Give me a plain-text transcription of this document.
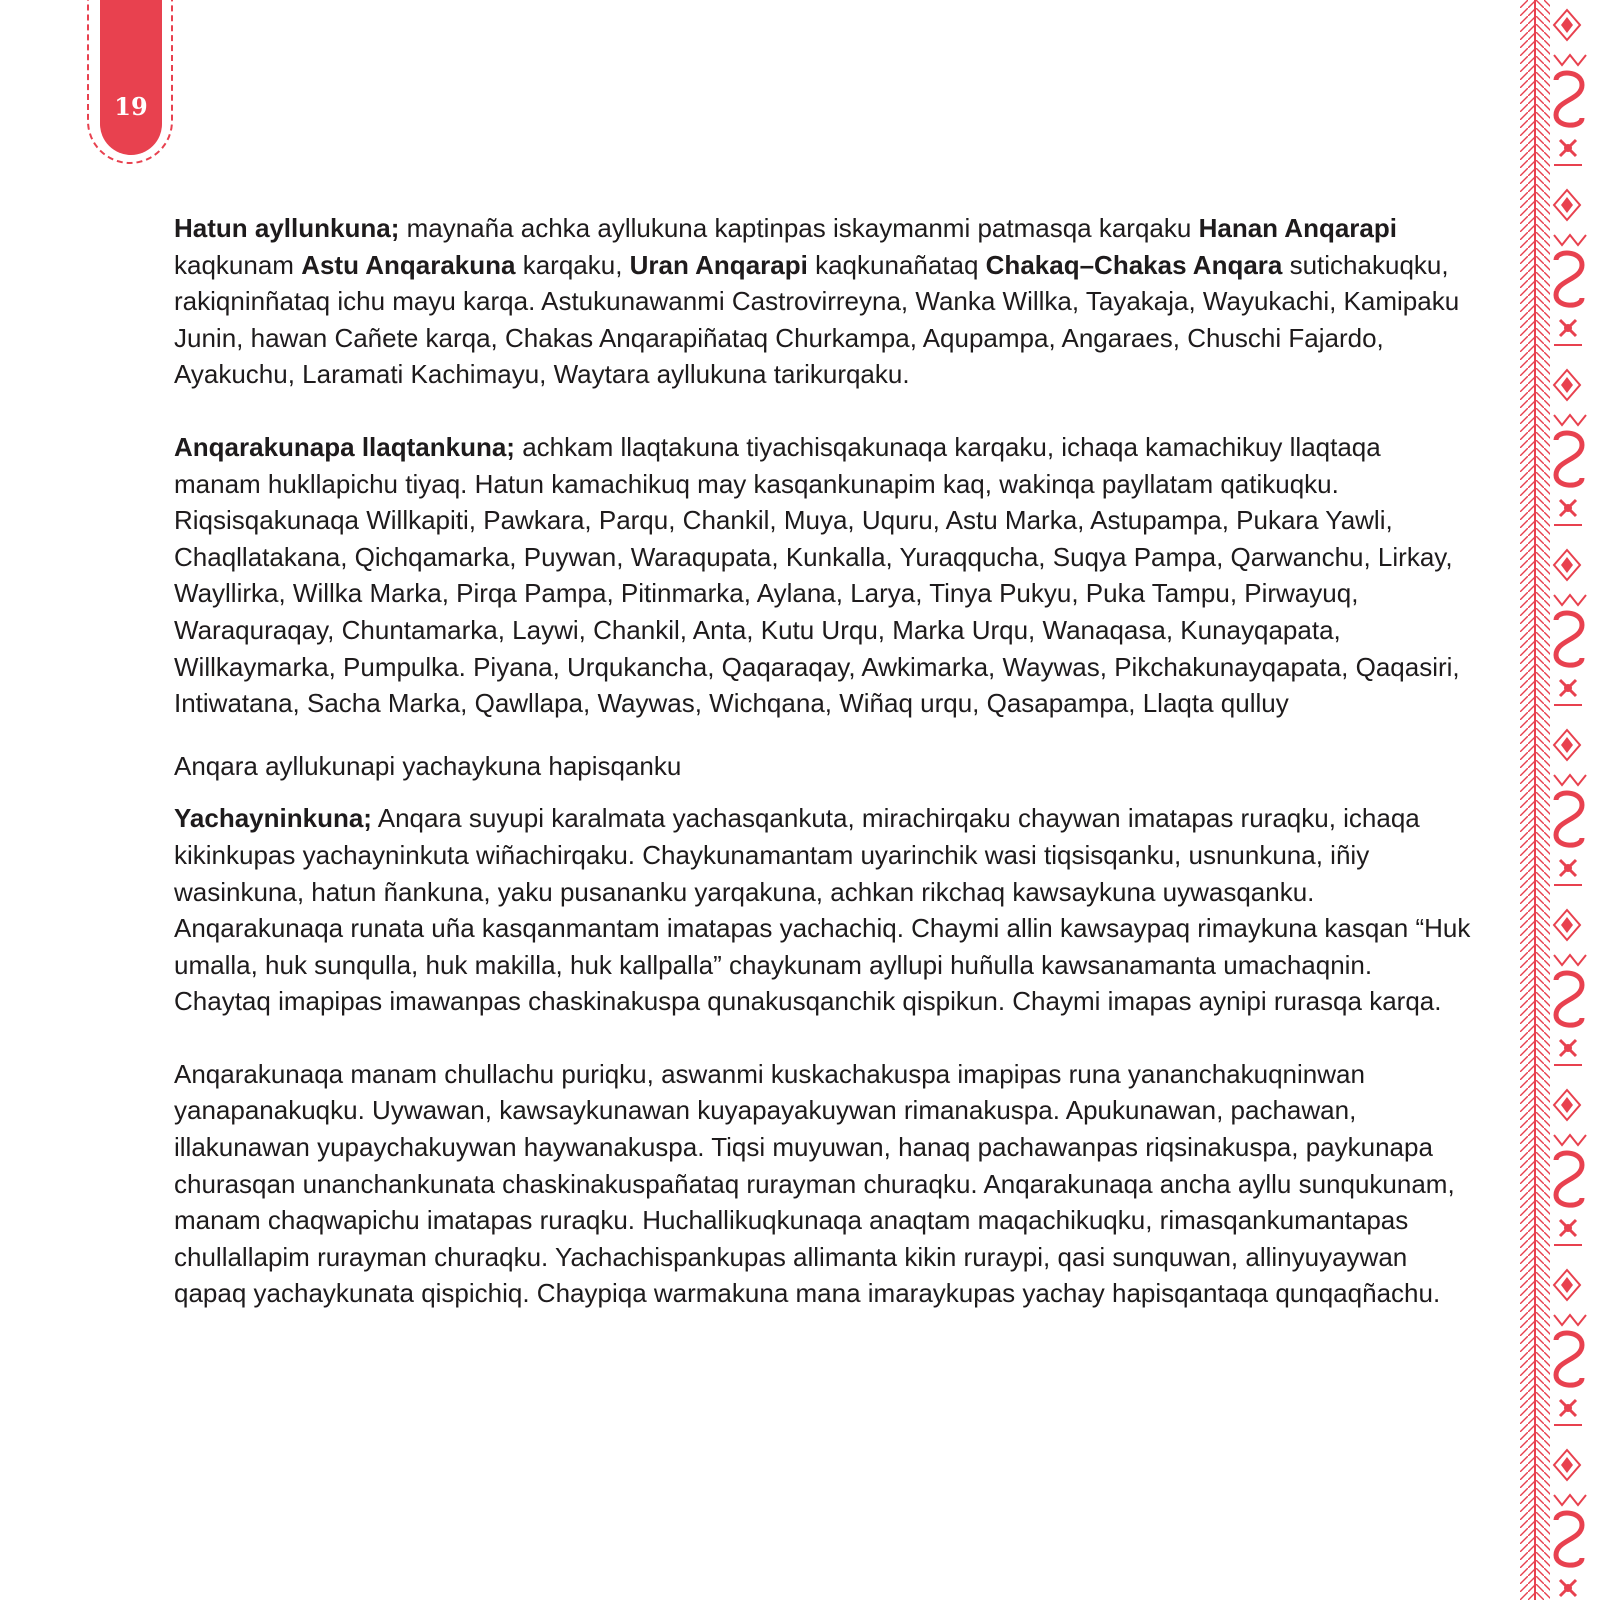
19

Hatun ayllunkuna; maynaña achka ayllukuna kaptinpas iskaymanmi patmasqa karqaku Hanan Anqarapi kaqkunam Astu Anqarakuna karqaku, Uran Anqarapi kaqkunañataq Chakaq–Chakas Anqara sutichakuqku, rakiqninñataq ichu mayu karqa. Astukunawanmi Castrovirreyna, Wanka Willka, Tayakaja, Wayukachi, Kamipaku Junin, hawan Cañete karqa, Chakas Anqarapiñataq Churkampa, Aqupampa, Angaraes, Chuschi Fajardo, Ayakuchu, Laramati Kachimayu, Waytara ayllukuna tarikurqaku.

Anqarakunapa llaqtankuna; achkam llaqtakuna tiyachisqakunaqa karqaku, ichaqa kamachikuy llaqtaqa manam hukllapichu tiyaq. Hatun kamachikuq may kasqankunapim kaq, wakinqa payllatam qatikuqku. Riqsisqakunaqa Willkapiti, Pawkara, Parqu, Chankil, Muya, Uquru, Astu Marka, Astupampa, Pukara Yawli, Chaqllatakana, Qichqamarka, Puywan, Waraqupata, Kunkalla, Yuraqqucha, Suqya Pampa, Qarwanchu, Lirkay, Wayllirka, Willka Marka, Pirqa Pampa, Pitinmarka, Aylana, Larya, Tinya Pukyu, Puka Tampu, Pirwayuq, Waraquraqay, Chuntamarka, Laywi, Chankil, Anta, Kutu Urqu, Marka Urqu, Wanaqasa, Kunayqapata, Willkaymarka, Pumpulka. Piyana, Urqukancha, Qaqaraqay, Awkimarka, Waywas, Pikchakunayqapata, Qaqasiri, Intiwatana, Sacha Marka, Qawllapa, Waywas, Wichqana, Wiñaq urqu, Qasapampa, Llaqta qulluy

Anqara ayllukunapi yachaykuna hapisqanku

Yachayninkuna; Anqara suyupi karalmata yachasqankuta, mirachirqaku chaywan imatapas ruraqku, ichaqa kikinkupas yachayninkuta wiñachirqaku. Chaykunamantam uyarinchik wasi tiqsisqanku, usnunkuna, iñiy wasinkuna, hatun ñankuna, yaku pusananku yarqakuna, achkan rikchaq kawsaykuna uywasqanku. Anqarakunaqa runata uña kasqanmantam imatapas yachachiq. Chaymi allin kawsaypaq rimaykuna kasqan “Huk umalla, huk sunqulla, huk makilla, huk kallpalla” chaykunam ayllupi huñulla kawsanamanta umachaqnin. Chaytaq imapipas imawanpas chaskinakuspa qunakusqanchik qispikun. Chaymi imapas aynipi rurasqa karqa.

Anqarakunaqa manam chullachu puriqku, aswanmi kuskachakuspa imapipas runa yananchakuqninwan yanapanakuqku. Uywawan, kawsaykunawan kuyapayakuywan rimanakuspa. Apukunawan, pachawan, illakunawan yupaychakuywan haywanakuspa. Tiqsi muyuwan, hanaq pachawanpas riqsinakuspa, paykunapa churasqan unanchankunata chaskinakuspañataq rurayman churaqku. Anqarakunaqa ancha ayllu sunqukunam, manam chaqwapichu imatapas ruraqku. Huchallikuqkunaqa anaqtam maqachikuqku, rimasqankumantapas chullallapim rurayman churaqku. Yachachispankupas allimanta kikin ruraypi, qasi sunquwan, allinyuyaywan qapaq yachaykunata qispichiq. Chaypiqa warmakuna mana imaraykupas yachay hapisqantaqa qunqaqñachu.
